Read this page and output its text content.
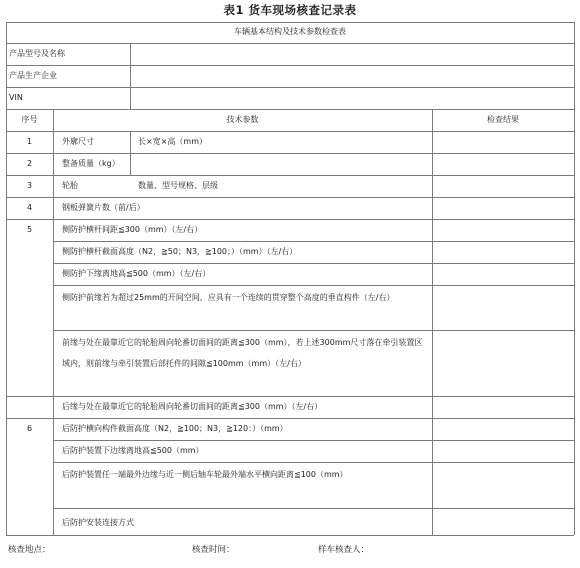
表1 货车现场核查记录表
车辆基本结构及技术参数检查表
产品型号及名称
产品生产企业
VIN
序号	技术参数	检查结果
1	外廓尺寸	长×宽×高（mm）
2	整备质量（kg）
3	轮胎	数量、型号规格、层级
4	钢板弹簧片数（前/后）
5	侧防护横杆间距≦300（mm）（左/右）
侧防护横杆截面高度（N2，≧50；N3，≧100；）（mm）（左/右）
侧防护下缘离地高≦500（mm）（左/右）
侧防护前缘若为超过25mm的开间空间，应具有一个连续的贯穿整个高度的垂直构件（左/右）
前缘与处在最靠近它的轮胎周向轮番切面间的距离≦300（mm），若上述300mm尺寸落在牵引装置区域内，则前缘与牵引装置后部托件的间隙≦100mm（mm）（左/右）
后缘与处在最靠近它的轮胎周向轮番切面间的距离≦300（mm）（左/右）
6	后防护横向构件截面高度（N2，≧100；N3，≧120：）（mm）
后防护装置下边缘离地高≦500（mm）
后防护装置任一端最外边缘与近一侧后轴车轮最外端水平横向距离≦100（mm）
后防护安装连接方式
核查地点：	核查时间：	样车核查人：
